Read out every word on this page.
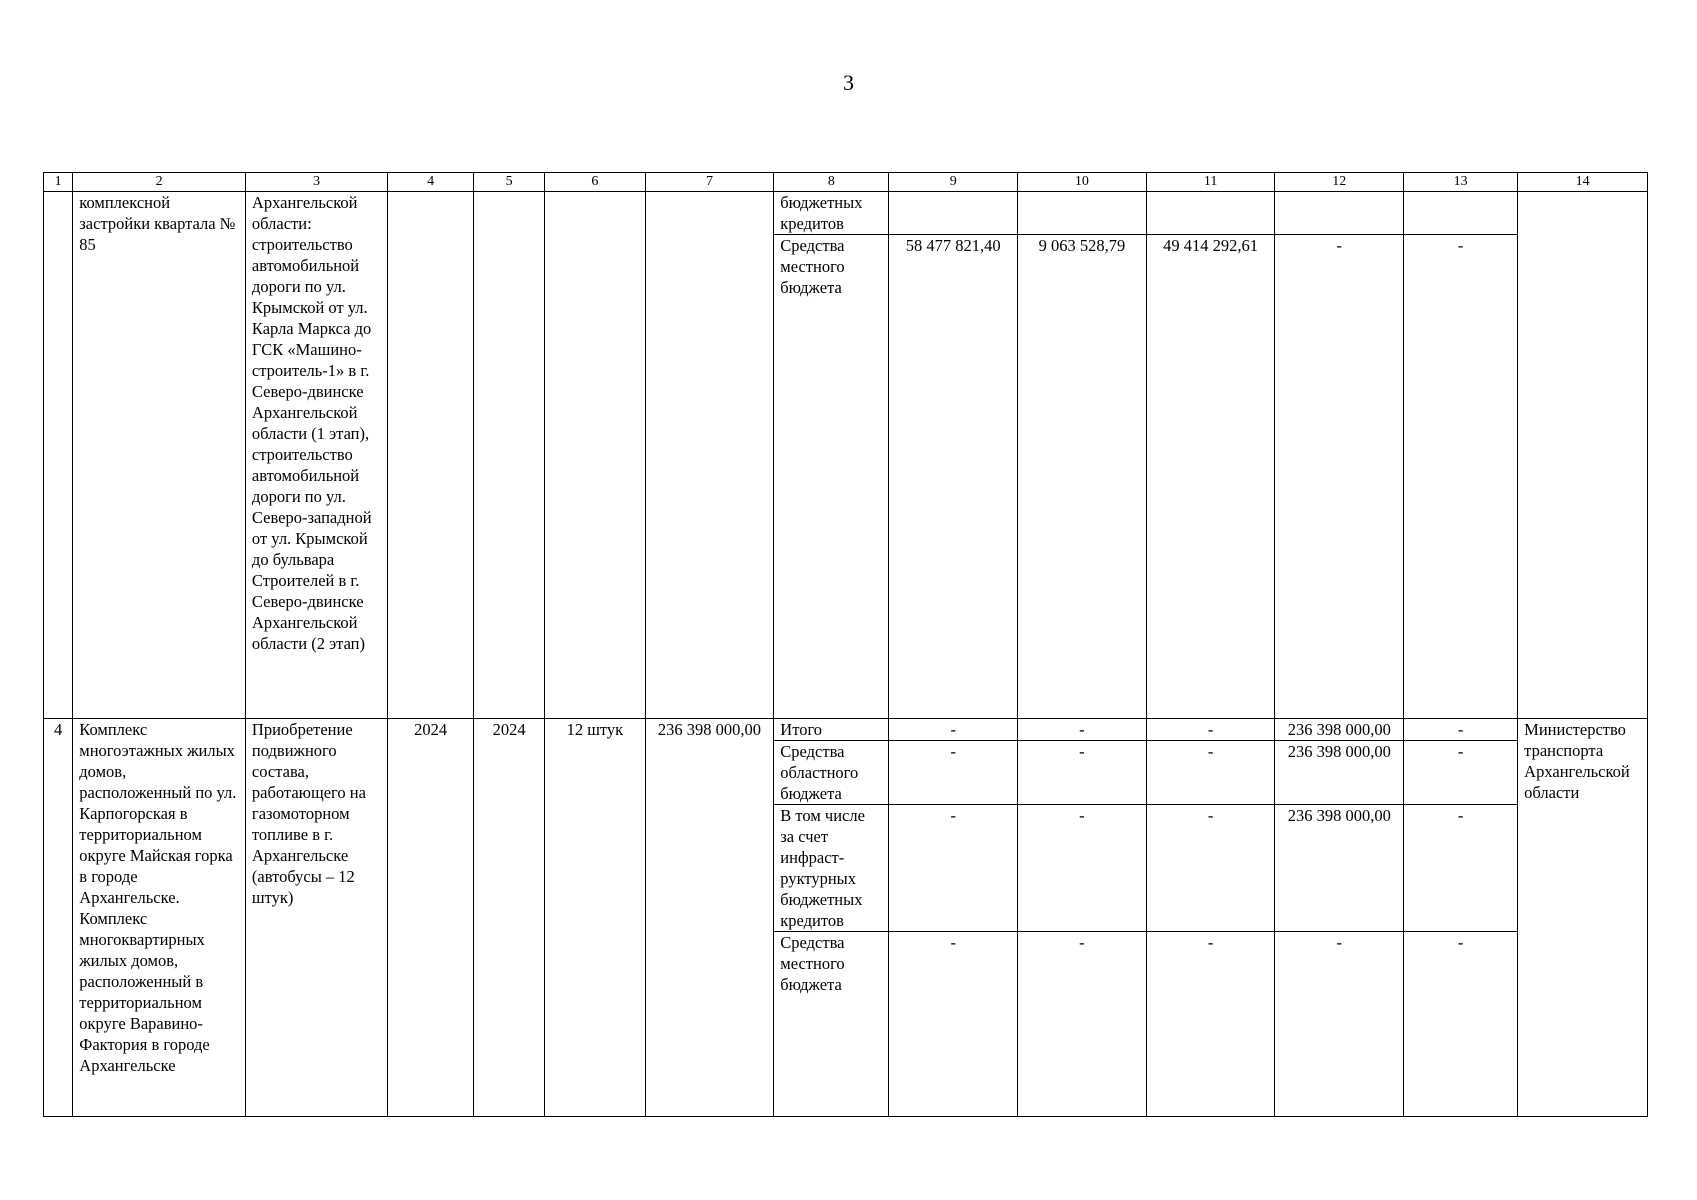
3
1	2	3	4	5	6	7	8	9	10	11	12	13	14
	комплексной застройки квартала № 85	Архангельской области: строительство автомобильной дороги по ул. Крымской от ул. Карла Маркса до ГСК «Машино-строитель-1» в г. Северо-двинске Архангельской области (1 этап), строительство автомобильной дороги по ул. Северо-западной от ул. Крымской до бульвара Строителей в г. Северо-двинске Архангельской области (2 этап)					бюджетных кредитов						
							Средства местного бюджета	58 477 821,40	9 063 528,79	49 414 292,61	-	-	
4	Комплекс многоэтажных жилых домов, расположенный по ул. Карпогорская в территориальном округе Майская горка в городе Архангельске. Комплекс многоквартирных жилых домов, расположенный в территориальном округе Варавино-Фактория в городе Архангельске	Приобретение подвижного состава, работающего на газомоторном топливе в г. Архангельске (автобусы – 12 штук)	2024	2024	12 штук	236 398 000,00	Итого	-	-	-	236 398 000,00	-	Министерство транспорта Архангельской области
							Средства областного бюджета	-	-	-	236 398 000,00	-	
							В том числе за счет инфраст-руктурных бюджетных кредитов	-	-	-	236 398 000,00	-	
							Средства местного бюджета	-	-	-	-	-	
